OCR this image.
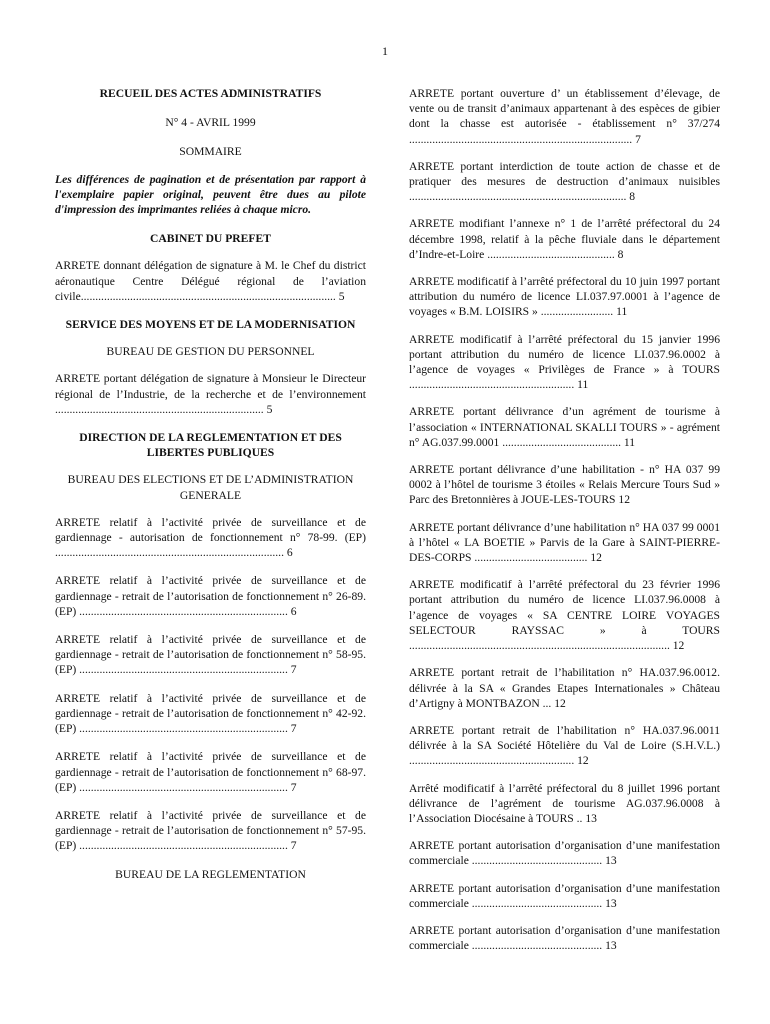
1
RECUEIL DES ACTES ADMINISTRATIFS
N° 4 - AVRIL 1999
SOMMAIRE
Les différences de pagination et de présentation par rapport à l'exemplaire papier original, peuvent être dues au pilote d'impression des imprimantes reliées à chaque micro.
CABINET DU PREFET

ARRETE donnant délégation de signature à M. le Chef du district aéronautique Centre Délégué régional de l’aviation civile........................................................................................ 5

SERVICE DES MOYENS ET DE LA MODERNISATION
BUREAU DE GESTION DU PERSONNEL

ARRETE portant délégation de signature à Monsieur le Directeur régional de l’Industrie, de la recherche et de l’environnement ........................................................................ 5

DIRECTION DE LA REGLEMENTATION ET DES LIBERTES PUBLIQUES
BUREAU DES ELECTIONS ET DE L’ADMINISTRATION GENERALE

ARRETE relatif à l’activité privée de surveillance et de gardiennage - autorisation de fonctionnement n° 78-99. (EP) ............................................................................... 6

ARRETE relatif à l’activité privée de surveillance et de gardiennage - retrait de l’autorisation de fonctionnement n° 26-89. (EP) ........................................................................ 6

ARRETE relatif à l’activité privée de surveillance et de gardiennage - retrait de l’autorisation de fonctionnement n° 58-95. (EP) ........................................................................ 7

ARRETE relatif à l’activité privée de surveillance et de gardiennage - retrait de l’autorisation de fonctionnement n° 42-92. (EP) ........................................................................ 7

ARRETE relatif à l’activité privée de surveillance et de gardiennage - retrait de l’autorisation de fonctionnement n° 68-97. (EP) ........................................................................ 7

ARRETE relatif à l’activité privée de surveillance et de gardiennage - retrait de l’autorisation de fonctionnement n° 57-95. (EP) ........................................................................ 7

BUREAU DE LA REGLEMENTATION

ARRETE portant ouverture d’ un établissement d’élevage, de vente ou de transit d’animaux appartenant à des espèces de gibier dont la chasse est autorisée - établissement n° 37/274 ............................................................................. 7

ARRETE portant interdiction de toute action de chasse et de pratiquer des mesures de destruction d’animaux nuisibles ........................................................................... 8

ARRETE modifiant l’annexe n° 1 de l’arrêté préfectoral du 24 décembre 1998, relatif à la pêche fluviale dans le département d’Indre-et-Loire ............................................ 8

ARRETE modificatif à l’arrêté préfectoral du 10 juin 1997 portant attribution du numéro de licence LI.037.97.0001 à l’agence de voyages « B.M. LOISIRS » ......................... 11

ARRETE modificatif à l’arrêté préfectoral du 15 janvier 1996 portant attribution du numéro de licence LI.037.96.0002 à l’agence de voyages « Privilèges de France » à TOURS ......................................................... 11

ARRETE portant délivrance d’un agrément de tourisme à l’association « INTERNATIONAL SKALLI TOURS » - agrément n° AG.037.99.0001 ......................................... 11

ARRETE portant délivrance d’une habilitation - n° HA 037 99 0002 à l’hôtel de tourisme 3 étoiles « Relais Mercure Tours Sud » Parc des Bretonnières à JOUE-LES-TOURS 12

ARRETE portant délivrance d’une habilitation n° HA 037 99 0001 à l’hôtel « LA BOETIE » Parvis de la Gare à SAINT-PIERRE-DES-CORPS ....................................... 12

ARRETE modificatif à l’arrêté préfectoral du 23 février 1996 portant attribution du numéro de licence LI.037.96.0008 à l’agence de voyages « SA CENTRE LOIRE VOYAGES SELECTOUR RAYSSAC » à TOURS .......................................................................................... 12

ARRETE portant retrait de l’habilitation n° HA.037.96.0012. délivrée à la SA « Grandes Etapes Internationales » Château d’Artigny à MONTBAZON ... 12

ARRETE portant retrait de l’habilitation n° HA.037.96.0011 délivrée à la SA Société Hôtelière du Val de Loire (S.H.V.L.) ......................................................... 12

Arrêté modificatif à l’arrêté préfectoral du 8 juillet 1996 portant délivrance de l’agrément de tourisme AG.037.96.0008 à l’Association Diocésaine à TOURS .. 13

ARRETE portant autorisation d’organisation d’une manifestation commerciale ............................................. 13

ARRETE portant autorisation d’organisation d’une manifestation commerciale ............................................. 13

ARRETE portant autorisation d’organisation d’une manifestation commerciale ............................................. 13
